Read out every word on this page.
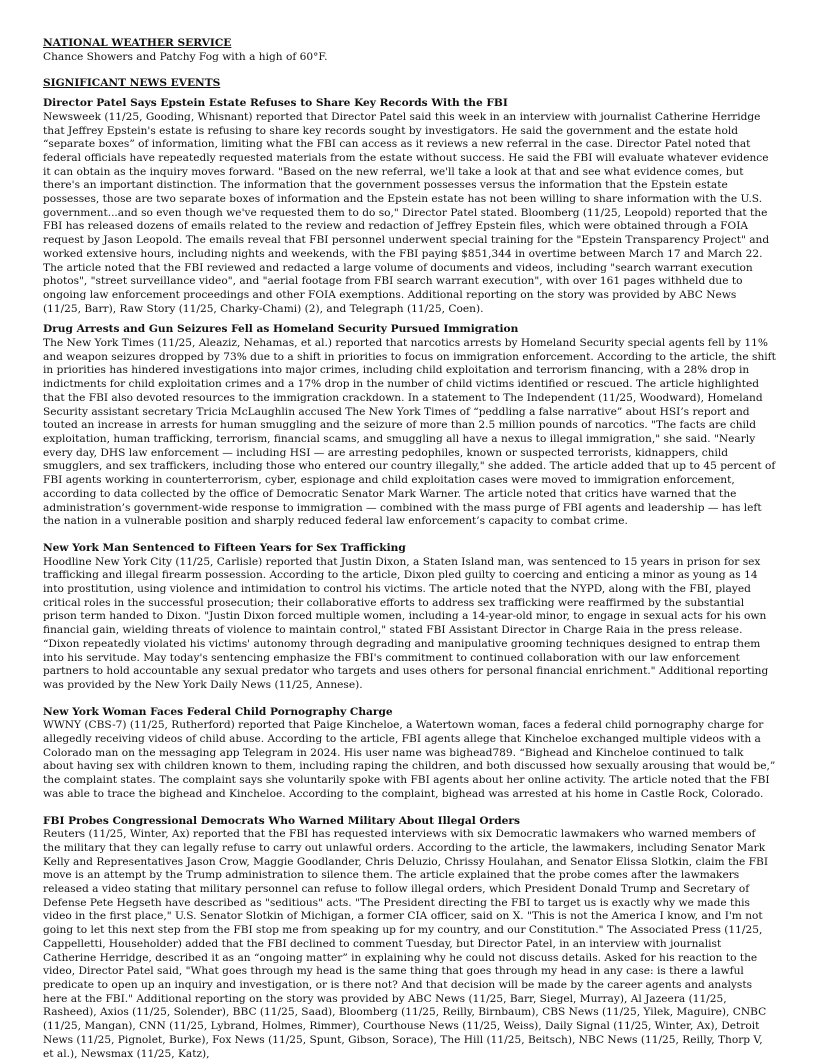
NATIONAL WEATHER SERVICE

Chance Showers and Patchy Fog with a high of 60°F.

SIGNIFICANT NEWS EVENTS

Director Patel Says Epstein Estate Refuses to Share Key Records With the FBI

Newsweek (11/25, Gooding, Whisnant) reported that Director Patel said this week in an interview with journalist Catherine Herridge that Jeffrey Epstein's estate is refusing to share key records sought by investigators. He said the government and the estate hold “separate boxes” of information, limiting what the FBI can access as it reviews a new referral in the case. Director Patel noted that federal officials have repeatedly requested materials from the estate without success. He said the FBI will evaluate whatever evidence it can obtain as the inquiry moves forward. "Based on the new referral, we'll take a look at that and see what evidence comes, but there's an important distinction. The information that the government possesses versus the information that the Epstein estate possesses, those are two separate boxes of information and the Epstein estate has not been willing to share information with the U.S. government...and so even though we've requested them to do so," Director Patel stated. Bloomberg (11/25, Leopold) reported that the FBI has released dozens of emails related to the review and redaction of Jeffrey Epstein files, which were obtained through a FOIA request by Jason Leopold. The emails reveal that FBI personnel underwent special training for the "Epstein Transparency Project" and worked extensive hours, including nights and weekends, with the FBI paying $851,344 in overtime between March 17 and March 22. The article noted that the FBI reviewed and redacted a large volume of documents and videos, including "search warrant execution photos", "street surveillance video", and "aerial footage from FBI search warrant execution", with over 161 pages withheld due to ongoing law enforcement proceedings and other FOIA exemptions. Additional reporting on the story was provided by ABC News (11/25, Barr), Raw Story (11/25, Charky-Chami) (2), and Telegraph (11/25, Coen).

Drug Arrests and Gun Seizures Fell as Homeland Security Pursued Immigration

The New York Times (11/25, Aleaziz, Nehamas, et al.) reported that narcotics arrests by Homeland Security special agents fell by 11% and weapon seizures dropped by 73% due to a shift in priorities to focus on immigration enforcement. According to the article, the shift in priorities has hindered investigations into major crimes, including child exploitation and terrorism financing, with a 28% drop in indictments for child exploitation crimes and a 17% drop in the number of child victims identified or rescued. The article highlighted that the FBI also devoted resources to the immigration crackdown. In a statement to The Independent (11/25, Woodward), Homeland Security assistant secretary Tricia McLaughlin accused The New York Times of “peddling a false narrative” about HSI’s report and touted an increase in arrests for human smuggling and the seizure of more than 2.5 million pounds of narcotics. "The facts are child exploitation, human trafficking, terrorism, financial scams, and smuggling all have a nexus to illegal immigration," she said. "Nearly every day, DHS law enforcement — including HSI — are arresting pedophiles, known or suspected terrorists, kidnappers, child smugglers, and sex traffickers, including those who entered our country illegally," she added. The article added that up to 45 percent of FBI agents working in counterterrorism, cyber, espionage and child exploitation cases were moved to immigration enforcement, according to data collected by the office of Democratic Senator Mark Warner. The article noted that critics have warned that the administration’s government-wide response to immigration — combined with the mass purge of FBI agents and leadership — has left the nation in a vulnerable position and sharply reduced federal law enforcement’s capacity to combat crime.

New York Man Sentenced to Fifteen Years for Sex Trafficking

Hoodline New York City (11/25, Carlisle) reported that Justin Dixon, a Staten Island man, was sentenced to 15 years in prison for sex trafficking and illegal firearm possession. According to the article, Dixon pled guilty to coercing and enticing a minor as young as 14 into prostitution, using violence and intimidation to control his victims. The article noted that the NYPD, along with the FBI, played critical roles in the successful prosecution; their collaborative efforts to address sex trafficking were reaffirmed by the substantial prison term handed to Dixon. "Justin Dixon forced multiple women, including a 14-year-old minor, to engage in sexual acts for his own financial gain, wielding threats of violence to maintain control," stated FBI Assistant Director in Charge Raia in the press release. “Dixon repeatedly violated his victims' autonomy through degrading and manipulative grooming techniques designed to entrap them into his servitude. May today's sentencing emphasize the FBI's commitment to continued collaboration with our law enforcement partners to hold accountable any sexual predator who targets and uses others for personal financial enrichment." Additional reporting was provided by the New York Daily News (11/25, Annese).

New York Woman Faces Federal Child Pornography Charge

WWNY (CBS-7) (11/25, Rutherford) reported that Paige Kincheloe, a Watertown woman, faces a federal child pornography charge for allegedly receiving videos of child abuse. According to the article, FBI agents allege that Kincheloe exchanged multiple videos with a Colorado man on the messaging app Telegram in 2024. His user name was bighead789. “Bighead and Kincheloe continued to talk about having sex with children known to them, including raping the children, and both discussed how sexually arousing that would be,” the complaint states. The complaint says she voluntarily spoke with FBI agents about her online activity. The article noted that the FBI was able to trace the bighead and Kincheloe. According to the complaint, bighead was arrested at his home in Castle Rock, Colorado.

FBI Probes Congressional Democrats Who Warned Military About Illegal Orders

Reuters (11/25, Winter, Ax) reported that the FBI has requested interviews with six Democratic lawmakers who warned members of the military that they can legally refuse to carry out unlawful orders. According to the article, the lawmakers, including Senator Mark Kelly and Representatives Jason Crow, Maggie Goodlander, Chris Deluzio, Chrissy Houlahan, and Senator Elissa Slotkin, claim the FBI move is an attempt by the Trump administration to silence them. The article explained that the probe comes after the lawmakers released a video stating that military personnel can refuse to follow illegal orders, which President Donald Trump and Secretary of Defense Pete Hegseth have described as "seditious" acts. "The President directing the FBI to target us is exactly why we made this video in the first place," U.S. Senator Slotkin of Michigan, a former CIA officer, said on X. "This is not the America I know, and I'm not going to let this next step from the FBI stop me from speaking up for my country, and our Constitution." The Associated Press (11/25, Cappelletti, Householder) added that the FBI declined to comment Tuesday, but Director Patel, in an interview with journalist Catherine Herridge, described it as an “ongoing matter” in explaining why he could not discuss details. Asked for his reaction to the video, Director Patel said, "What goes through my head is the same thing that goes through my head in any case: is there a lawful predicate to open up an inquiry and investigation, or is there not? And that decision will be made by the career agents and analysts here at the FBI." Additional reporting on the story was provided by ABC News (11/25, Barr, Siegel, Murray), Al Jazeera (11/25, Rasheed), Axios (11/25, Solender), BBC (11/25, Saad), Bloomberg (11/25, Reilly, Birnbaum), CBS News (11/25, Yilek, Maguire), CNBC (11/25, Mangan), CNN (11/25, Lybrand, Holmes, Rimmer), Courthouse News (11/25, Weiss), Daily Signal (11/25, Winter, Ax), Detroit News (11/25, Pignolet, Burke), Fox News (11/25, Spunt, Gibson, Sorace), The Hill (11/25, Beitsch), NBC News (11/25, Reilly, Thorp V, et al.), Newsmax (11/25, Katz),
